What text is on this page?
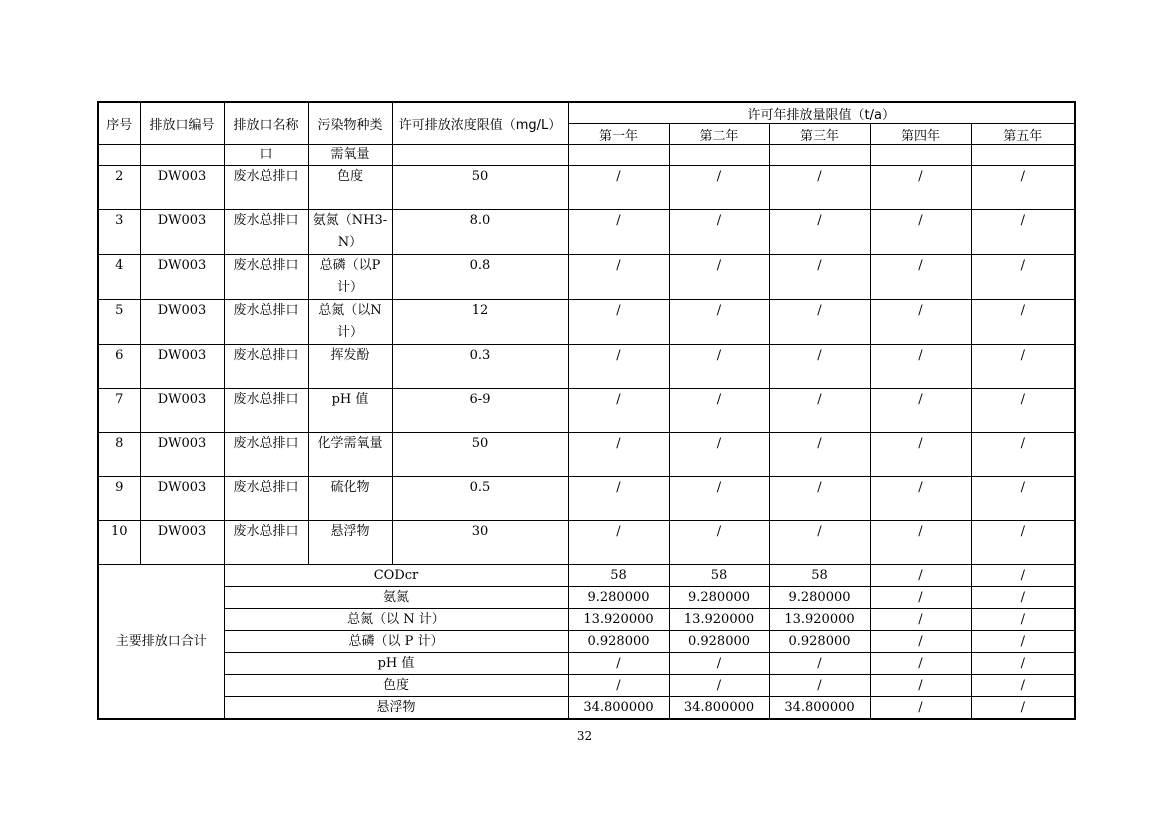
序号	排放口编号	排放口名称	污染物种类	许可排放浓度限值（mg/L）	许可年排放量限值（t/a）				
					第一年	第二年	第三年	第四年	第五年
		口	需氧量						
2	DW003	废水总排口	色度	50	/	/	/	/	/
3	DW003	废水总排口	氨氮（NH3-N）	8.0	/	/	/	/	/
4	DW003	废水总排口	总磷（以P计）	0.8	/	/	/	/	/
5	DW003	废水总排口	总氮（以N计）	12	/	/	/	/	/
6	DW003	废水总排口	挥发酚	0.3	/	/	/	/	/
7	DW003	废水总排口	pH 值	6-9	/	/	/	/	/
8	DW003	废水总排口	化学需氧量	50	/	/	/	/	/
9	DW003	废水总排口	硫化物	0.5	/	/	/	/	/
10	DW003	废水总排口	悬浮物	30	/	/	/	/	/
主要排放口合计		CODcr			58	58	58	/	/
		氨氮			9.280000	9.280000	9.280000	/	/
		总氮（以 N 计）			13.920000	13.920000	13.920000	/	/
		总磷（以 P 计）			0.928000	0.928000	0.928000	/	/
		pH 值			/	/	/	/	/
		色度			/	/	/	/	/
		悬浮物			34.800000	34.800000	34.800000	/	/
32
